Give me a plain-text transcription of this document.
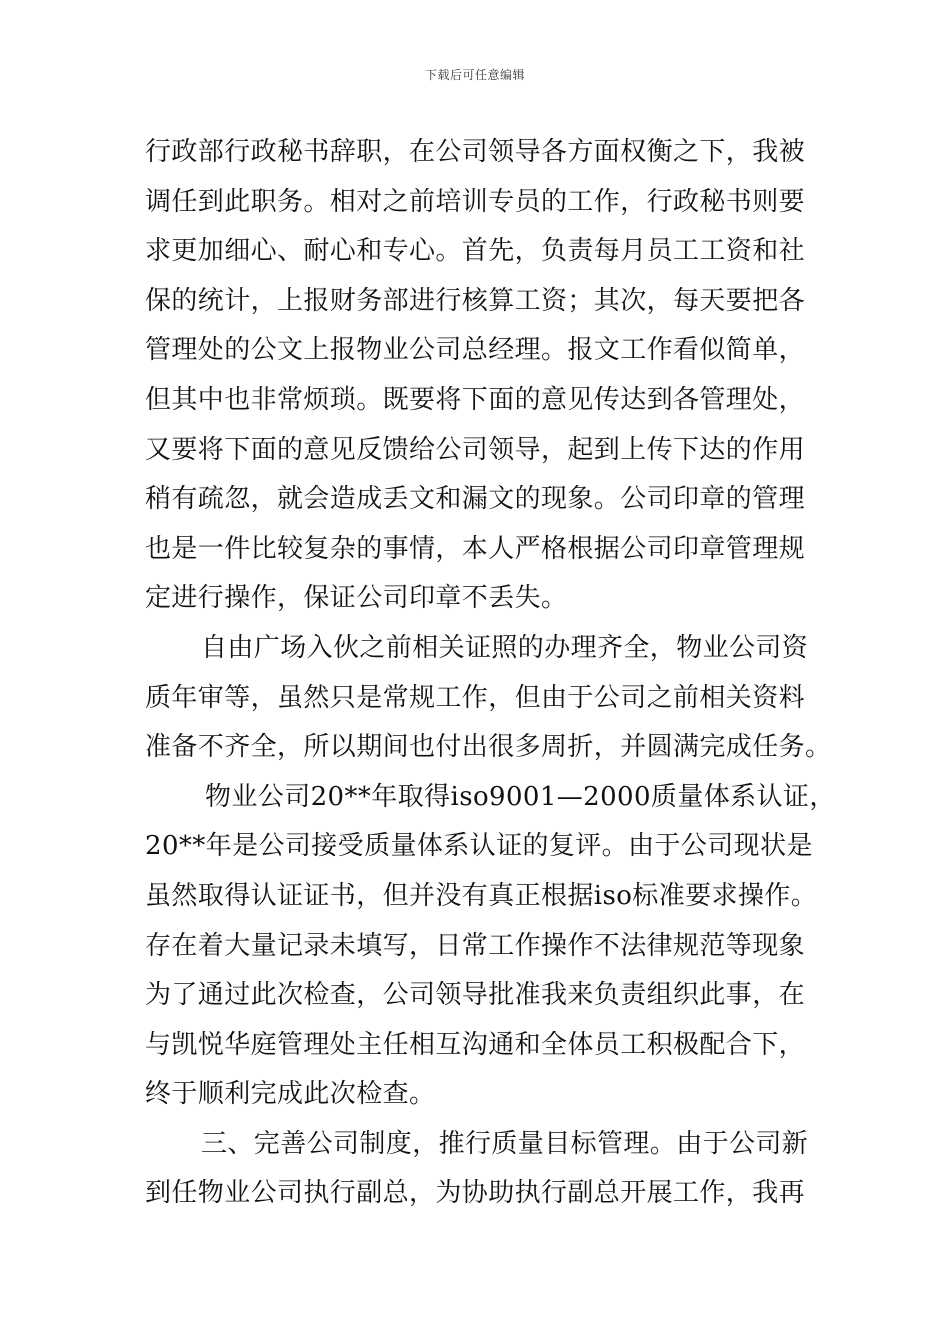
下载后可任意编辑
行政部行政秘书辞职，在公司领导各方面权衡之下，我被
调任到此职务。相对之前培训专员的工作，行政秘书则要
求更加细心、耐心和专心。首先，负责每月员工工资和社
保的统计，上报财务部进行核算工资；其次，每天要把各
管理处的公文上报物业公司总经理。报文工作看似简单，
但其中也非常烦琐。既要将下面的意见传达到各管理处，
又要将下面的意见反馈给公司领导，起到上传下达的作用
稍有疏忽，就会造成丢文和漏文的现象。公司印章的管理
也是一件比较复杂的事情，本人严格根据公司印章管理规
定进行操作，保证公司印章不丢失。
自由广场入伙之前相关证照的办理齐全，物业公司资
质年审等，虽然只是常规工作，但由于公司之前相关资料
准备不齐全，所以期间也付出很多周折，并圆满完成任务。
物业公司20**年取得iso9001—2000质量体系认证，
20**年是公司接受质量体系认证的复评。由于公司现状是
虽然取得认证证书，但并没有真正根据iso标准要求操作。
存在着大量记录未填写，日常工作操作不法律规范等现象
为了通过此次检查，公司领导批准我来负责组织此事，在
与凯悦华庭管理处主任相互沟通和全体员工积极配合下，
终于顺利完成此次检查。
三、完善公司制度，推行质量目标管理。由于公司新
到任物业公司执行副总，为协助执行副总开展工作，我再
